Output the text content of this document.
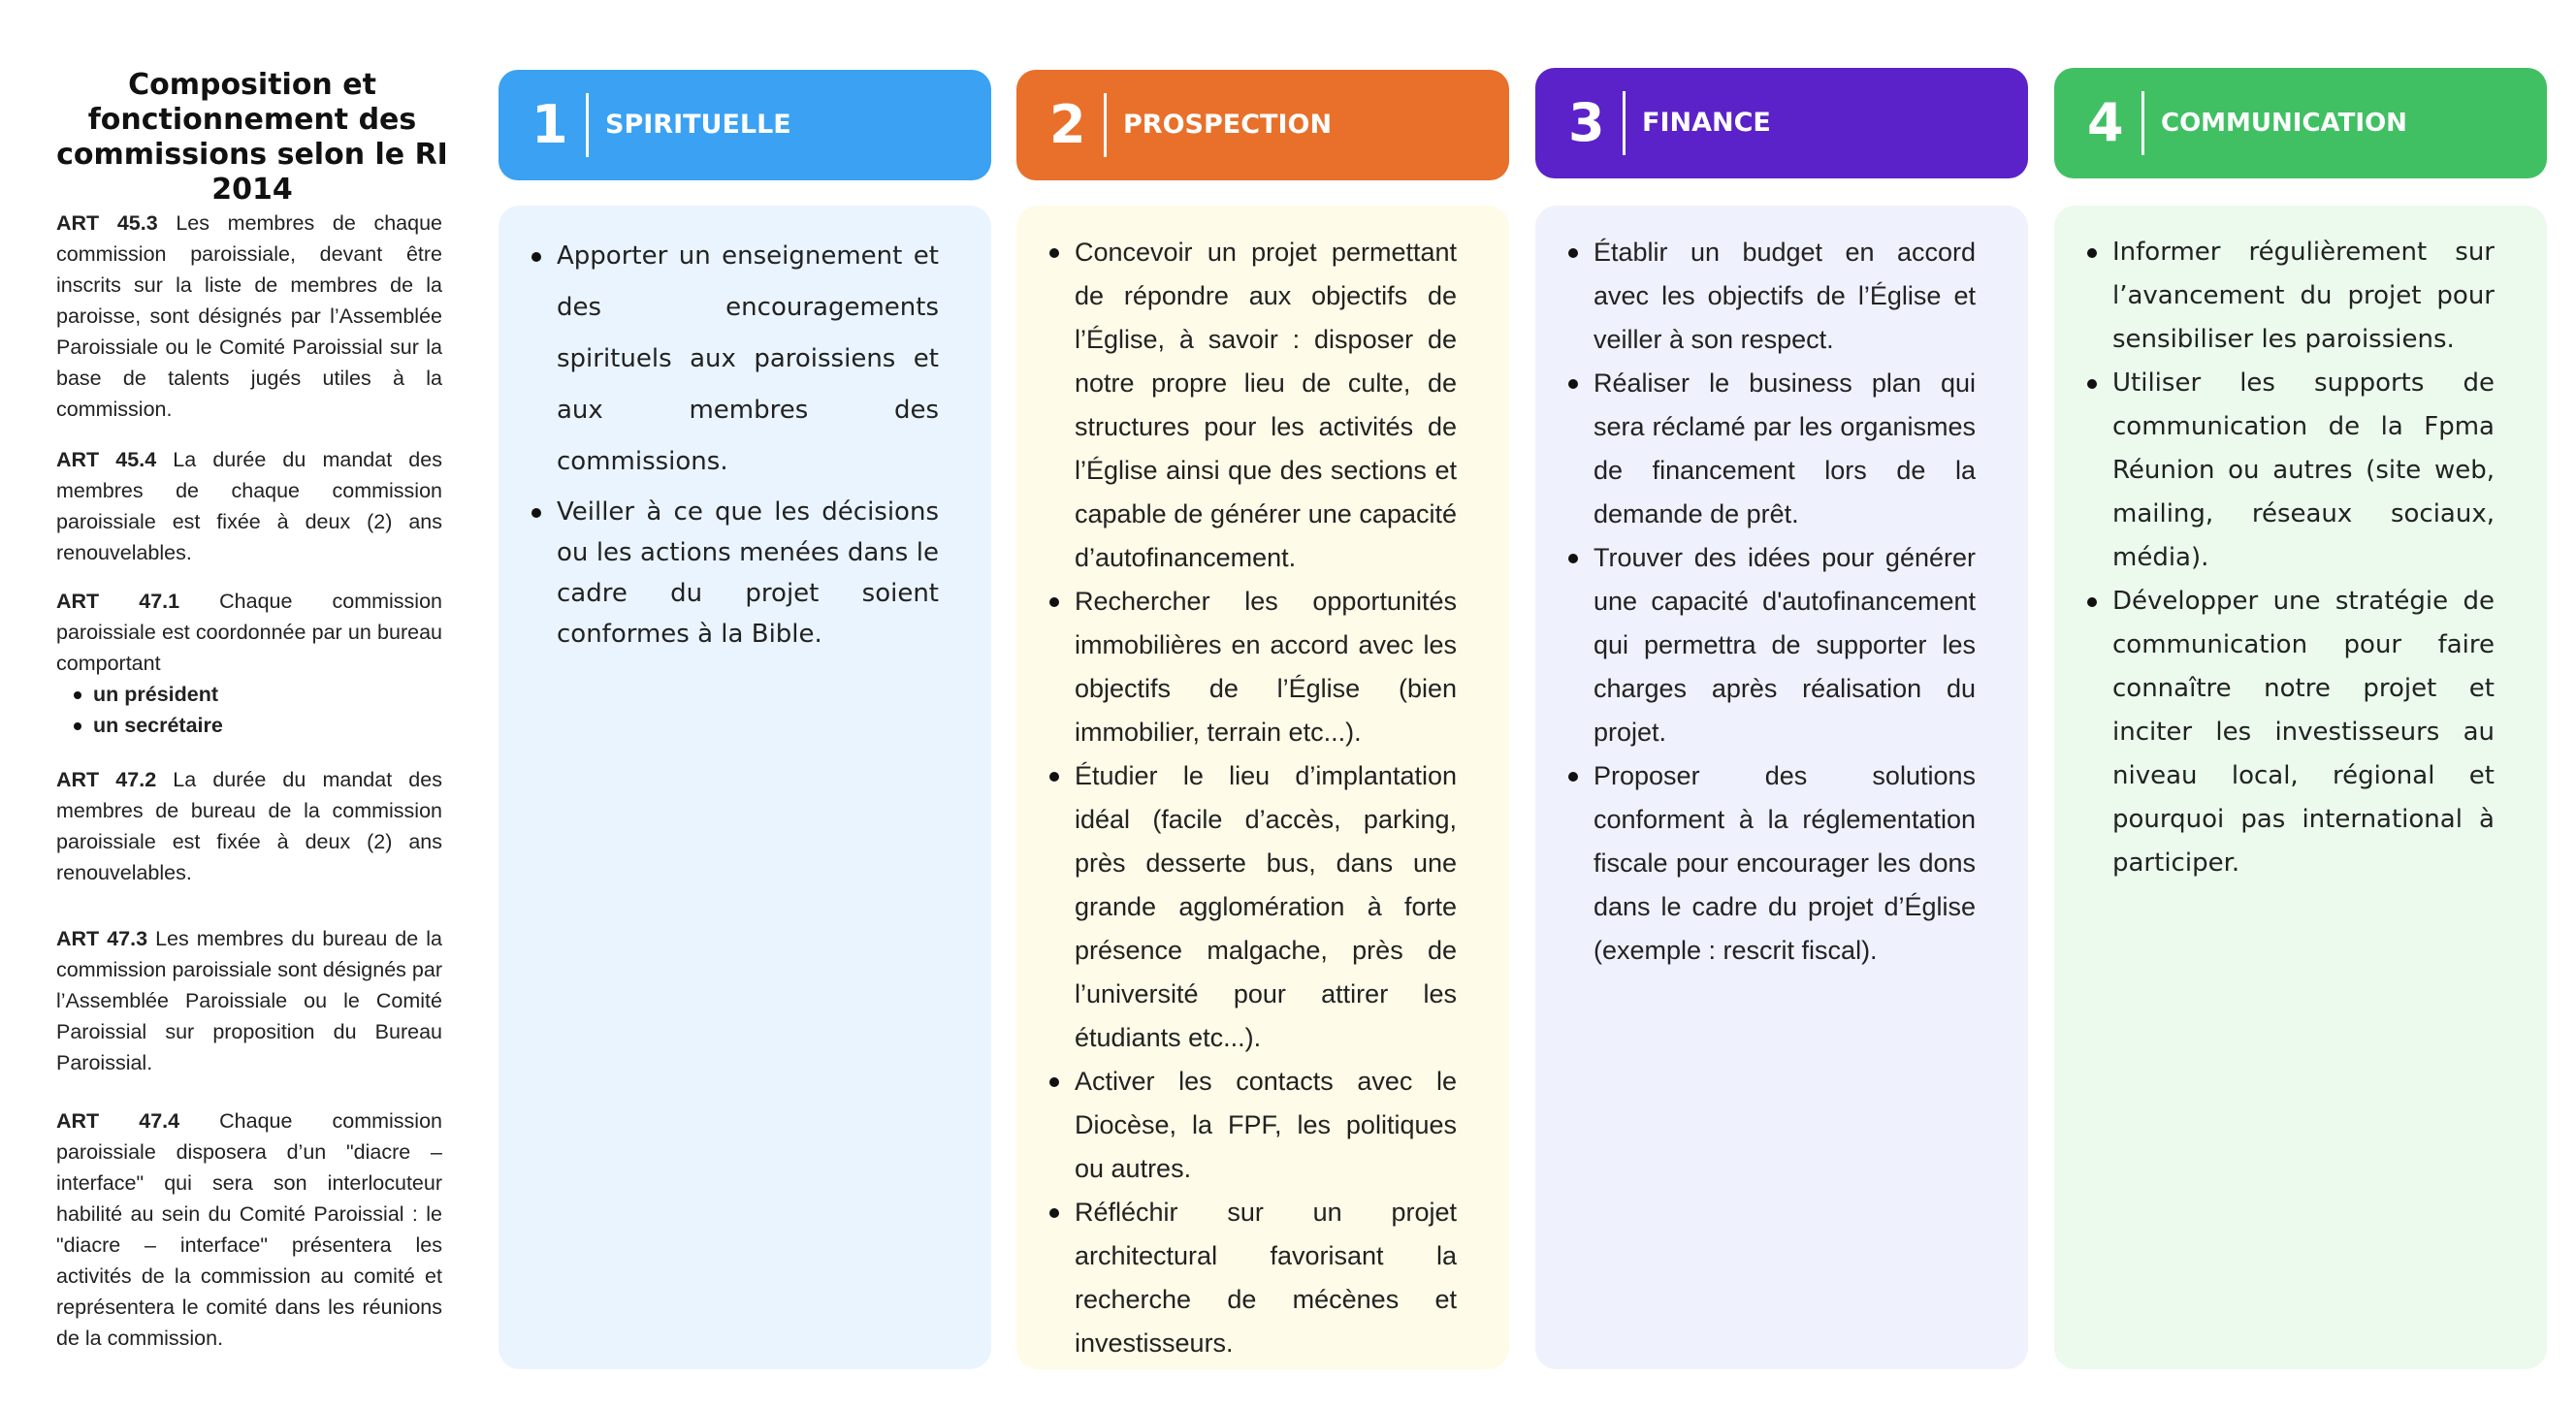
Composition et fonctionnement des commissions selon le RI 2014
ART 45.3 Les membres de chaque commission paroissiale, devant être inscrits sur la liste de membres de la paroisse, sont désignés par l’Assemblée Paroissiale ou le Comité Paroissial sur la base de talents jugés utiles à la commission.
ART 45.4 La durée du mandat des membres de chaque commission paroissiale est fixée à deux (2) ans renouvelables.
ART 47.1 Chaque commission paroissiale est coordonnée par un bureau comportant
un président
un secrétaire
ART 47.2 La durée du mandat des membres de bureau de la commission paroissiale est fixée à deux (2) ans renouvelables.
ART 47.3 Les membres du bureau de la commission paroissiale sont désignés par l’Assemblée Paroissiale ou le Comité Paroissial sur proposition du Bureau Paroissial.
ART 47.4 Chaque commission paroissiale disposera d’un "diacre – interface" qui sera son interlocuteur habilité au sein du Comité Paroissial : le "diacre – interface" présentera les activités de la commission au comité et représentera le comité dans les réunions de la commission.
1 SPIRITUELLE
Apporter un enseignement et des encouragements spirituels aux paroissiens et aux membres des commissions.
Veiller à ce que les décisions ou les actions menées dans le cadre du projet soient conformes à la Bible.
2 PROSPECTION
Concevoir un projet permettant de répondre aux objectifs de l’Église, à savoir : disposer de notre propre lieu de culte, de structures pour les activités de l’Église ainsi que des sections et capable de générer une capacité d’autofinancement.
Rechercher les opportunités immobilières en accord avec les objectifs de l’Église (bien immobilier, terrain etc...).
Étudier le lieu d’implantation idéal (facile d’accès, parking, près desserte bus, dans une grande agglomération à forte présence malgache, près de l’université pour attirer les étudiants etc...).
Activer les contacts avec le Diocèse, la FPF, les politiques ou autres.
Réfléchir sur un projet architectural favorisant la recherche de mécènes et investisseurs.
3 FINANCE
Établir un budget en accord avec les objectifs de l’Église et veiller à son respect.
Réaliser le business plan qui sera réclamé par les organismes de financement lors de la demande de prêt.
Trouver des idées pour générer une capacité d'autofinancement qui permettra de supporter les charges après réalisation du projet.
Proposer des solutions conforment à la réglementation fiscale pour encourager les dons dans le cadre du projet d’Église (exemple : rescrit fiscal).
4 COMMUNICATION
Informer régulièrement sur l’avancement du projet pour sensibiliser les paroissiens.
Utiliser les supports de communication de la Fpma Réunion ou autres (site web, mailing, réseaux sociaux, média).
Développer une stratégie de communication pour faire connaître notre projet et inciter les investisseurs au niveau local, régional et pourquoi pas international à participer.
